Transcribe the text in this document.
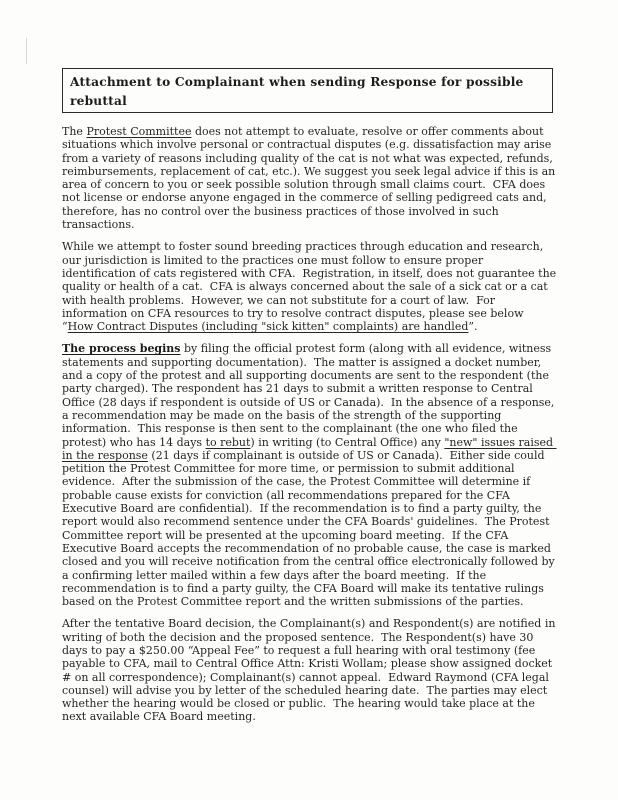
Attachment to Complainant when sending Response for possible rebuttal

The Protest Committee does not attempt to evaluate, resolve or offer comments about situations which involve personal or contractual disputes (e.g. dissatisfaction may arise from a variety of reasons including quality of the cat is not what was expected, refunds, reimbursements, replacement of cat, etc.). We suggest you seek legal advice if this is an area of concern to you or seek possible solution through small claims court.  CFA does not license or endorse anyone engaged in the commerce of selling pedigreed cats and, therefore, has no control over the business practices of those involved in such transactions.

While we attempt to foster sound breeding practices through education and research, our jurisdiction is limited to the practices one must follow to ensure proper identification of cats registered with CFA.  Registration, in itself, does not guarantee the quality or health of a cat.  CFA is always concerned about the sale of a sick cat or a cat with health problems.  However, we can not substitute for a court of law.  For information on CFA resources to try to resolve contract disputes, please see below “How Contract Disputes (including "sick kitten" complaints) are handled”.

The process begins by filing the official protest form (along with all evidence, witness statements and supporting documentation).  The matter is assigned a docket number, and a copy of the protest and all supporting documents are sent to the respondent (the party charged). The respondent has 21 days to submit a written response to Central Office (28 days if respondent is outside of US or Canada).  In the absence of a response, a recommendation may be made on the basis of the strength of the supporting information.  This response is then sent to the complainant (the one who filed the protest) who has 14 days to rebut) in writing (to Central Office) any "new" issues raised in the response (21 days if complainant is outside of US or Canada).  Either side could petition the Protest Committee for more time, or permission to submit additional evidence.  After the submission of the case, the Protest Committee will determine if probable cause exists for conviction (all recommendations prepared for the CFA Executive Board are confidential).  If the recommendation is to find a party guilty, the report would also recommend sentence under the CFA Boards' guidelines.  The Protest Committee report will be presented at the upcoming board meeting.  If the CFA Executive Board accepts the recommendation of no probable cause, the case is marked closed and you will receive notification from the central office electronically followed by a confirming letter mailed within a few days after the board meeting.  If the recommendation is to find a party guilty, the CFA Board will make its tentative rulings based on the Protest Committee report and the written submissions of the parties.

After the tentative Board decision, the Complainant(s) and Respondent(s) are notified in writing of both the decision and the proposed sentence.  The Respondent(s) have 30 days to pay a $250.00 “Appeal Fee” to request a full hearing with oral testimony (fee payable to CFA, mail to Central Office Attn: Kristi Wollam; please show assigned docket # on all correspondence); Complainant(s) cannot appeal.  Edward Raymond (CFA legal counsel) will advise you by letter of the scheduled hearing date.  The parties may elect whether the hearing would be closed or public.  The hearing would take place at the next available CFA Board meeting.
